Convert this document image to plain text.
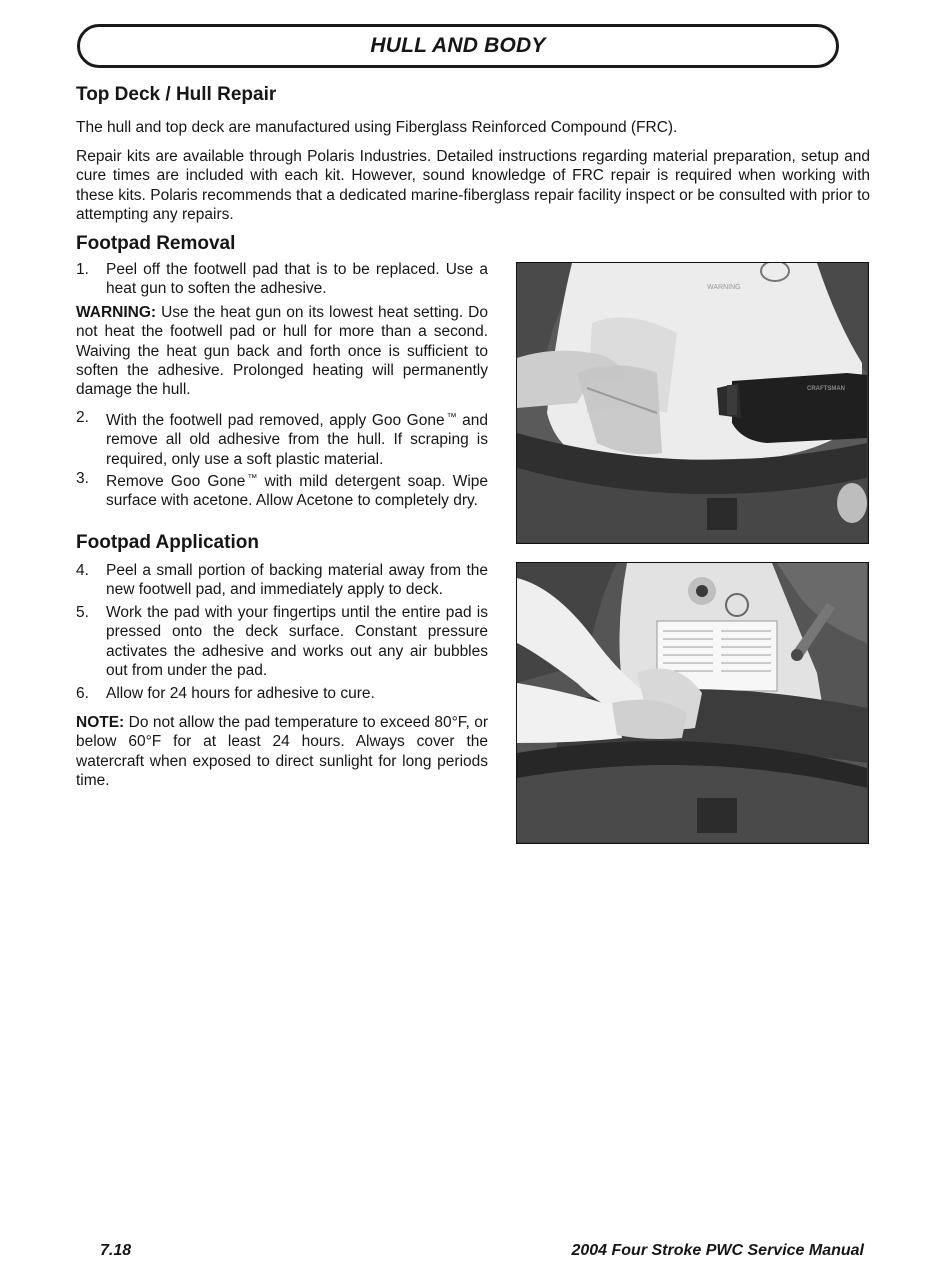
HULL AND BODY
Top Deck / Hull Repair

The hull and top deck are manufactured using Fiberglass Reinforced Compound (FRC).

Repair kits are available through Polaris Industries. Detailed instructions regarding material preparation, setup and cure times are included with each kit. However, sound knowledge of FRC repair is required when working with these kits. Polaris recommends that a dedicated marine-fiberglass repair facility inspect or be consulted with prior to attempting any repairs.

Footpad Removal
1.	Peel off the footwell pad that is to be replaced. Use a heat gun to soften the adhesive.

WARNING: Use the heat gun on its lowest heat setting. Do not heat the footwell pad or hull for more than a second. Waiving the heat gun back and forth once is sufficient to soften the adhesive. Prolonged heating will permanently damage the hull.

2.	With the footwell pad removed, apply Goo Gone ™ and remove all old adhesive from the hull. If scraping is required, only use a soft plastic material.
3.	Remove Goo Gone ™ with mild detergent soap. Wipe surface with acetone. Allow Acetone to completely dry.
Footpad Application
4.	Peel a small portion of backing material away from the new footwell pad, and immediately apply to deck.
5.	Work the pad with your fingertips until the entire pad is pressed onto the deck surface. Constant pressure activates the adhesive and works out any air bubbles out from under the pad.
6.	Allow for 24 hours for adhesive to cure.

NOTE: Do not allow the pad temperature to exceed 80°F, or below 60°F for at least 24 hours. Always cover the watercraft when exposed to direct sunlight for long periods time.

WARNING
CRAFTSMAN
7.18	2004 Four Stroke PWC Service Manual
